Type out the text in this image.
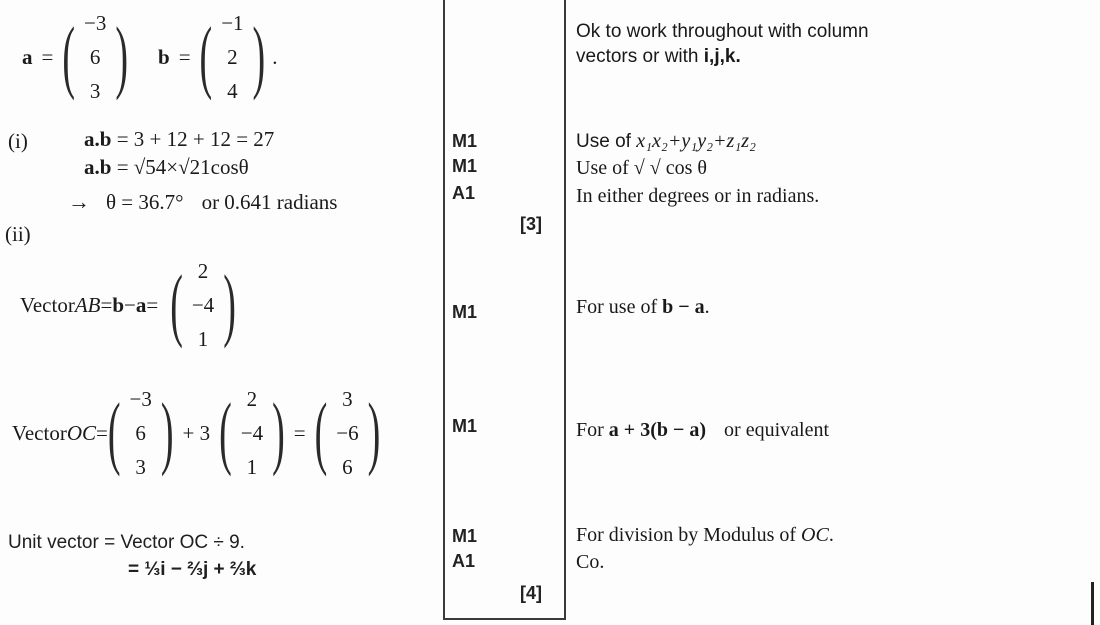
a = ( −3
6
3 ) b = ( −1
2
4 ) .
(i)	a.b = 3 + 12 + 12 = 27
a.b = √54×√21cosθ
→ θ = 36.7° or 0.641 radians
(ii)
Vector AB = b − a = ( 2
−4
1 )
Vector OC = ( −3
6
3 ) + 3 ( 2
−4
1 ) = ( 3
−6
6 )
Unit vector = Vector OC ÷ 9.
= ⅓i − ⅔j + ⅔k
M1
M1
A1
[3]
M1
M1
M1
A1
[4]
Ok to work throughout with column
vectors or with i,j,k.
Use of x₁x₂+y₁y₂+z₁z₂
Use of √ √ cos θ
In either degrees or in radians.
For use of b − a.
For a + 3(b − a) or equivalent
For division by Modulus of OC.
Co.
